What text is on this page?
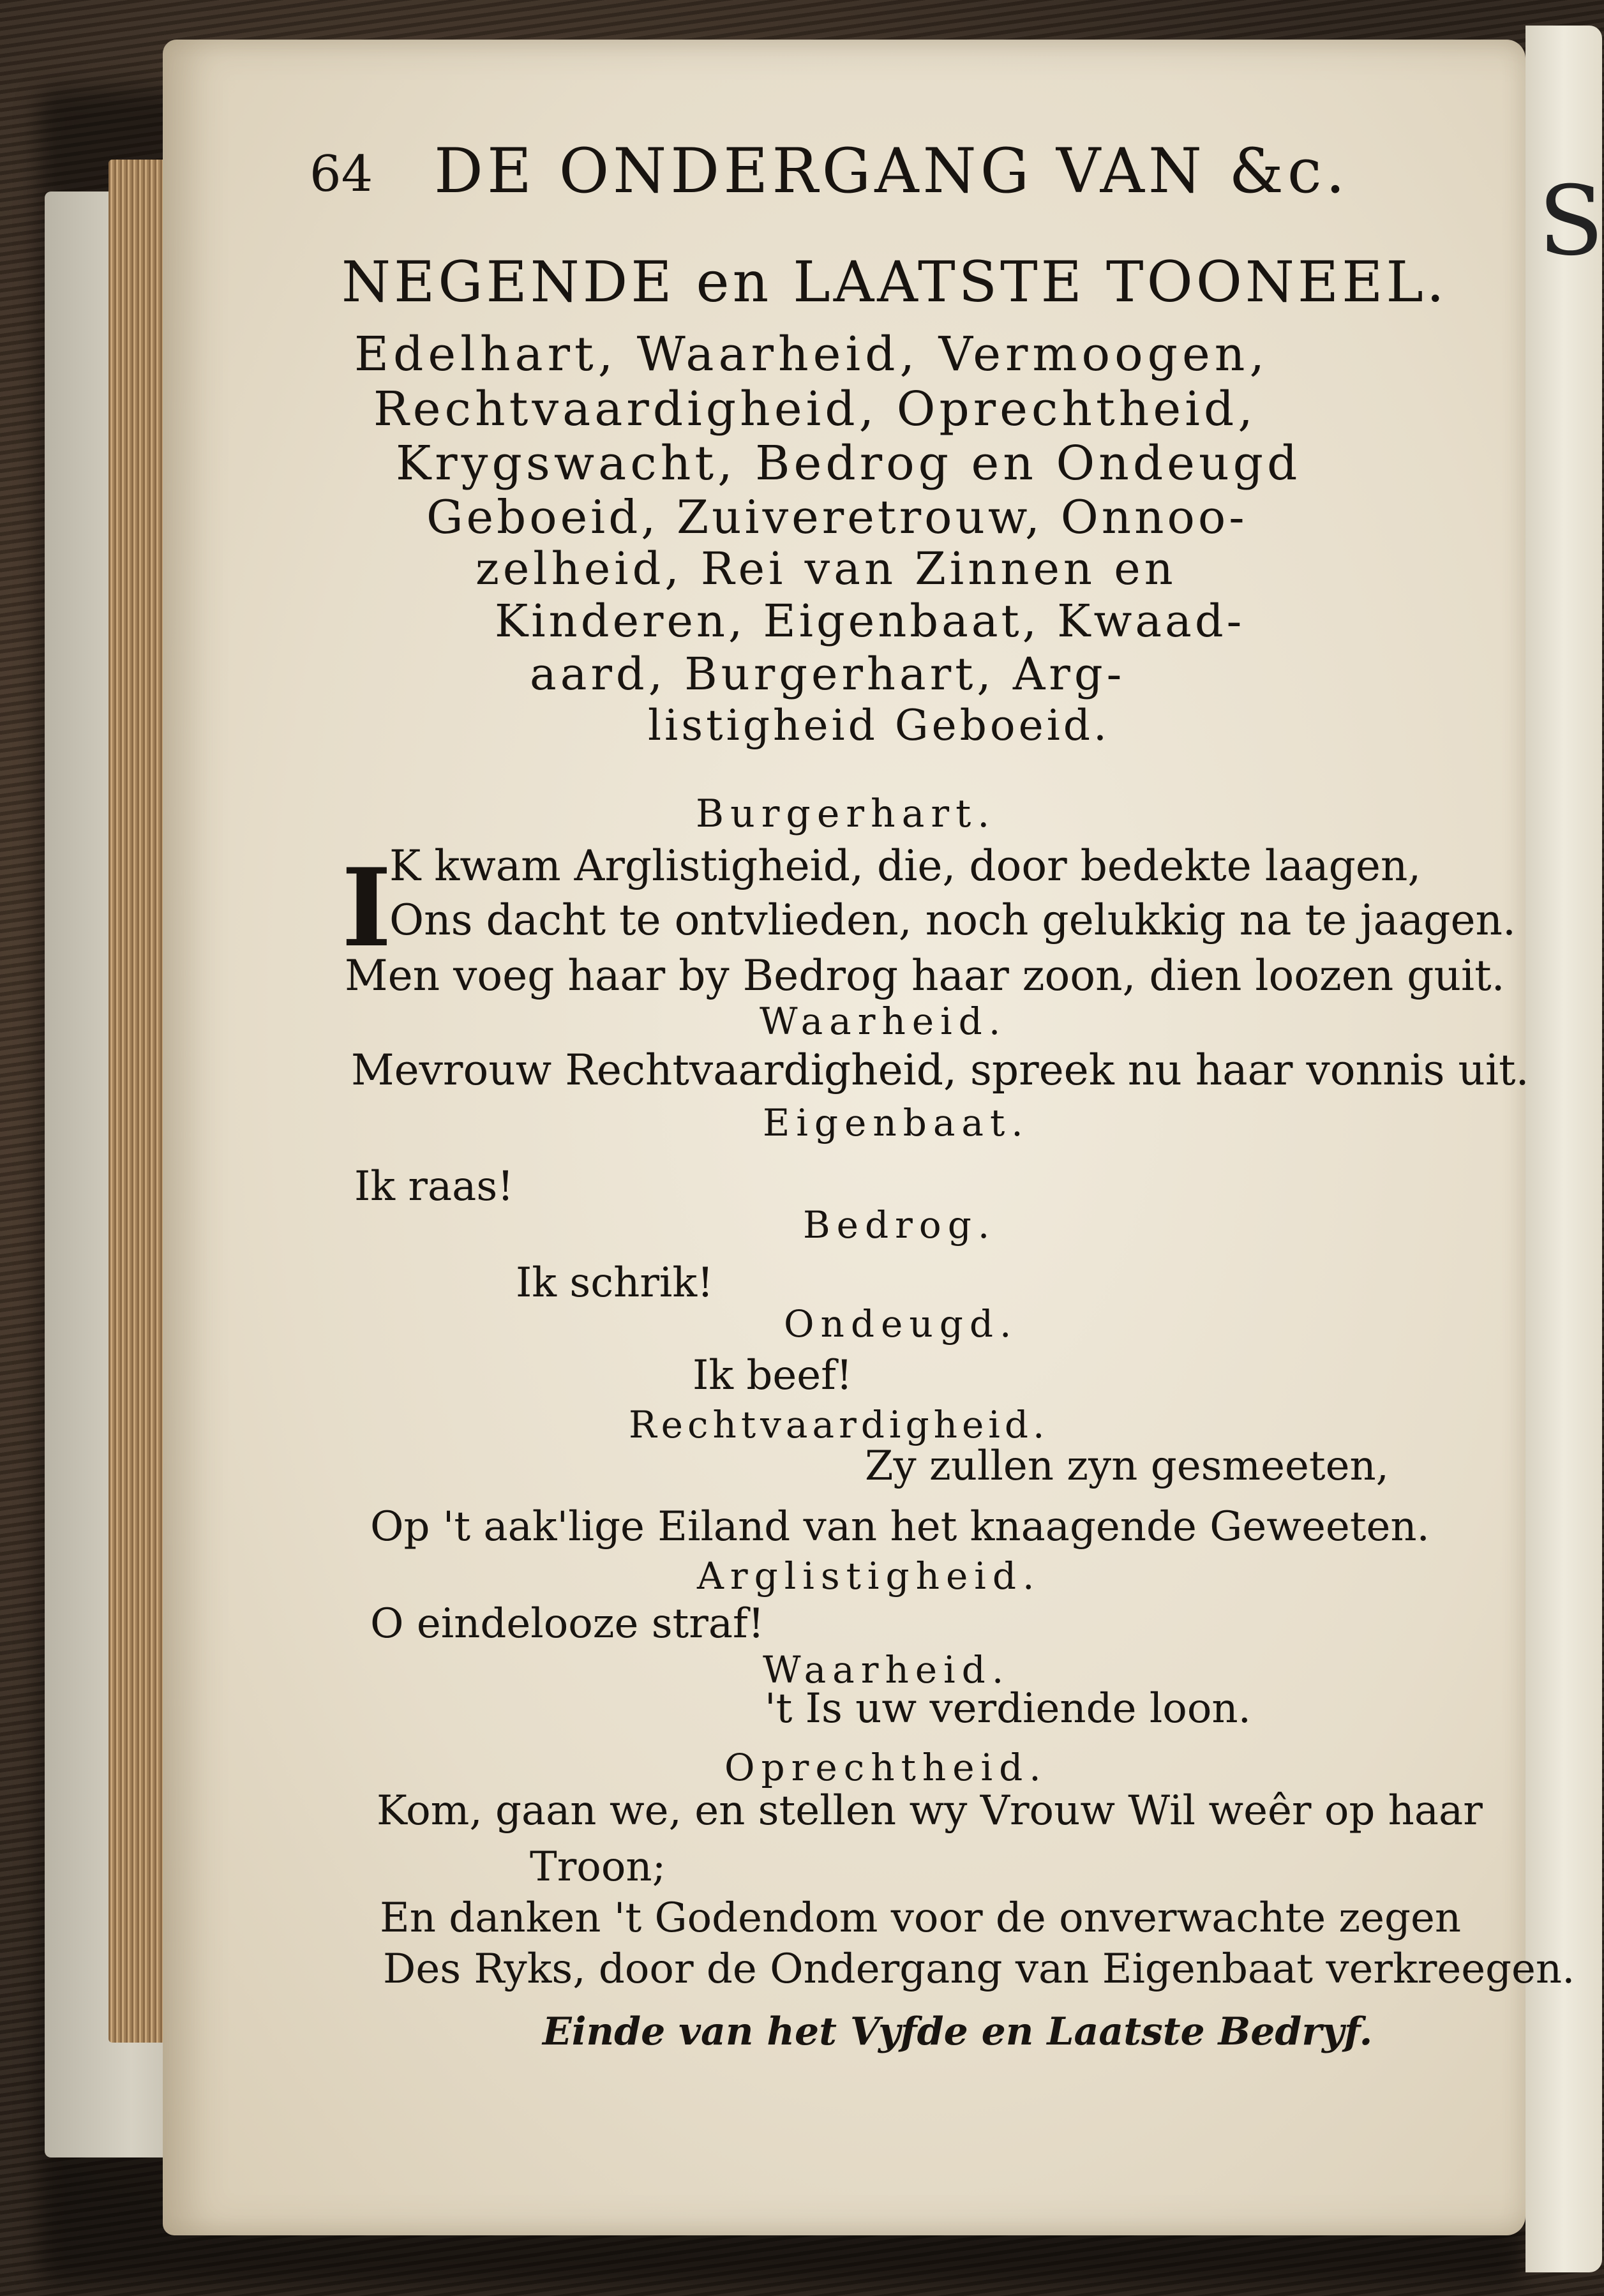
64 DE ONDERGANG VAN &c.
NEGENDE en LAATSTE TOONEEL.
Edelhart, Waarheid, Vermoogen,
Rechtvaardigheid, Oprechtheid,
Krygswacht, Bedrog en Ondeugd
Geboeid, Zuiveretrouw, Onnoo-
zelheid, Rei van Zinnen en
Kinderen, Eigenbaat, Kwaad-
aard, Burgerhart, Arg-
listigheid Geboeid.
Burgerhart.
I
K kwam Arglistigheid, die, door bedekte laagen,
Ons dacht te ontvlieden, noch gelukkig na te jaagen.
Men voeg haar by Bedrog haar zoon, dien loozen guit.
Waarheid.
Mevrouw Rechtvaardigheid, spreek nu haar vonnis uit.
Eigenbaat.
Ik raas!
Bedrog.
Ik schrik!
Ondeugd.
Ik beef!
Rechtvaardigheid.
Zy zullen zyn gesmeeten,
Op 't aak'lige Eiland van het knaagende Geweeten.
Arglistigheid.
O eindelooze straf!
Waarheid.
't Is uw verdiende loon.
Oprechtheid.
Kom, gaan we, en stellen wy Vrouw Wil weêr op haar
Troon;
En danken 't Godendom voor de onverwachte zegen
Des Ryks, door de Ondergang van Eigenbaat verkreegen.
Einde van het Vyfde en Laatste Bedryf.
S
